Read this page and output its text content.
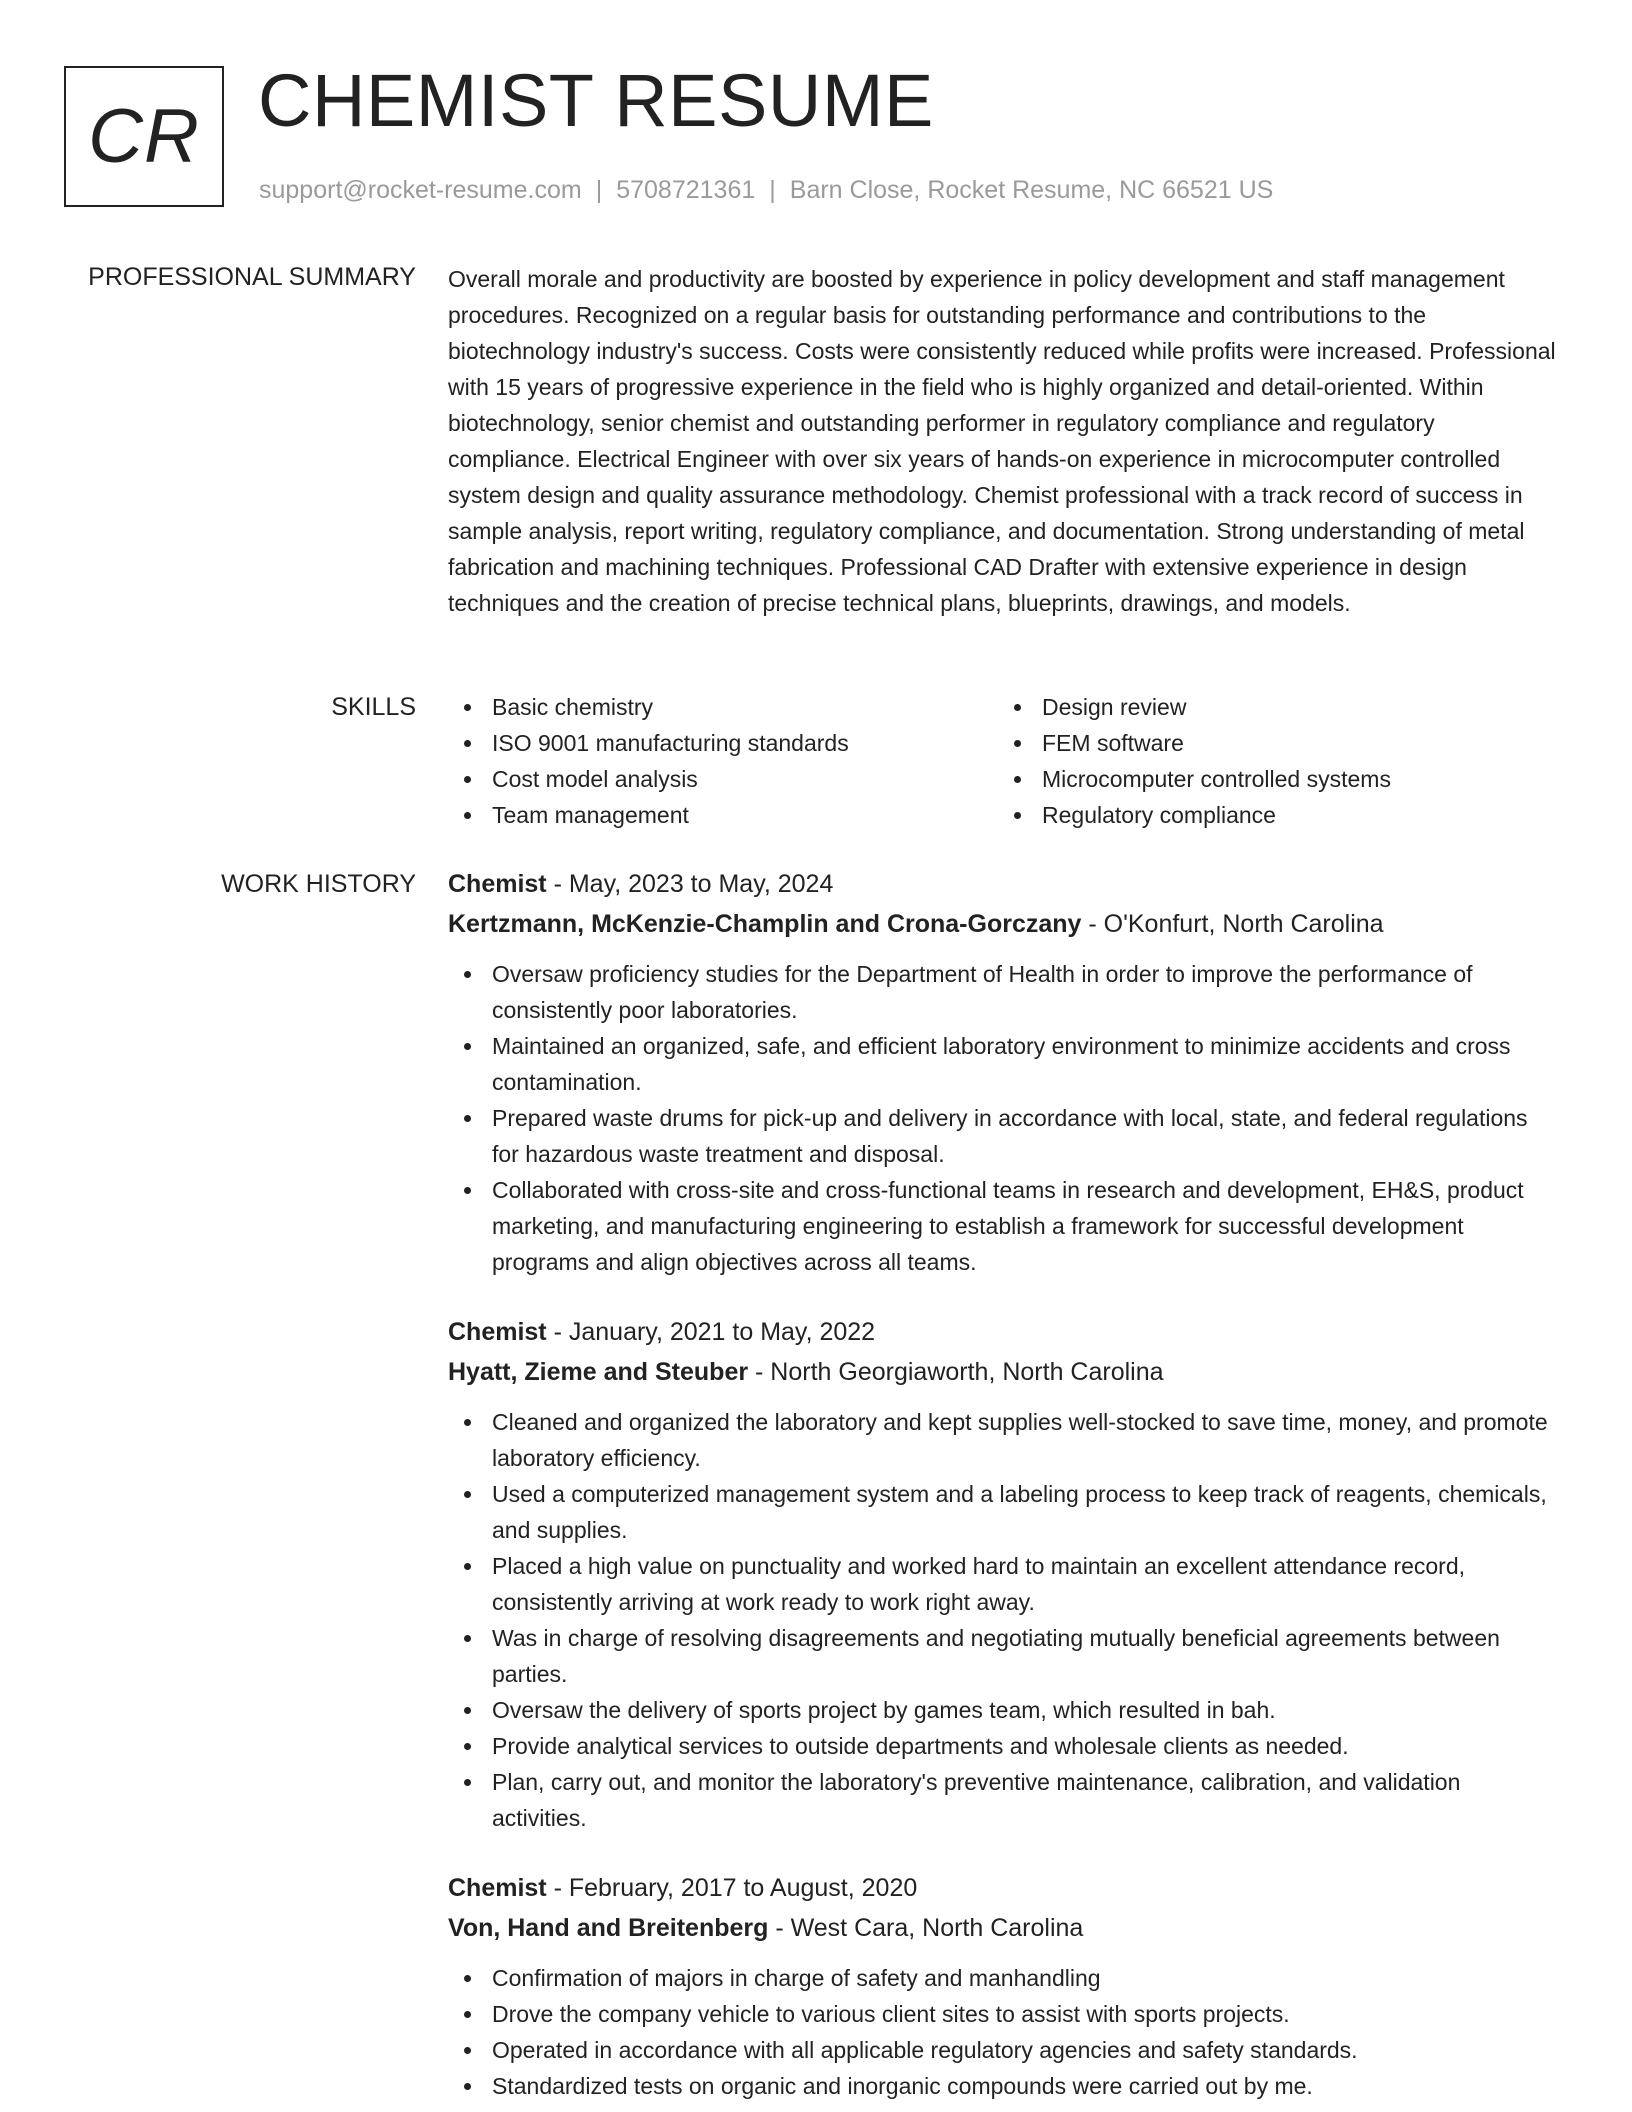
CR CHEMIST RESUME
support@rocket-resume.com | 5708721361 | Barn Close, Rocket Resume, NC 66521 US
PROFESSIONAL SUMMARY Overall morale and productivity are boosted by experience in policy development and staff management procedures. Recognized on a regular basis for outstanding performance and contributions to the biotechnology industry's success. Costs were consistently reduced while profits were increased. Professional with 15 years of progressive experience in the field who is highly organized and detail-oriented. Within biotechnology, senior chemist and outstanding performer in regulatory compliance and regulatory compliance. Electrical Engineer with over six years of hands-on experience in microcomputer controlled system design and quality assurance methodology. Chemist professional with a track record of success in sample analysis, report writing, regulatory compliance, and documentation. Strong understanding of metal fabrication and machining techniques. Professional CAD Drafter with extensive experience in design techniques and the creation of precise technical plans, blueprints, drawings, and models.

SKILLS	Basic chemistry
ISO 9001 manufacturing standards
Cost model analysis
Team management
Design review
FEM software
Microcomputer controlled systems
Regulatory compliance
WORK HISTORY Chemist - May, 2023 to May, 2024
Kertzmann, McKenzie-Champlin and Crona-Gorczany - O'Konfurt, North Carolina
Oversaw proficiency studies for the Department of Health in order to improve the performance of consistently poor laboratories.
Maintained an organized, safe, and efficient laboratory environment to minimize accidents and cross contamination.
Prepared waste drums for pick-up and delivery in accordance with local, state, and federal regulations for hazardous waste treatment and disposal.
Collaborated with cross-site and cross-functional teams in research and development, EH&S, product marketing, and manufacturing engineering to establish a framework for successful development programs and align objectives across all teams.
Chemist - January, 2021 to May, 2022
Hyatt, Zieme and Steuber - North Georgiaworth, North Carolina
Cleaned and organized the laboratory and kept supplies well-stocked to save time, money, and promote laboratory efficiency.
Used a computerized management system and a labeling process to keep track of reagents, chemicals, and supplies.
Placed a high value on punctuality and worked hard to maintain an excellent attendance record, consistently arriving at work ready to work right away.
Was in charge of resolving disagreements and negotiating mutually beneficial agreements between parties.
Oversaw the delivery of sports project by games team, which resulted in bah.
Provide analytical services to outside departments and wholesale clients as needed.
Plan, carry out, and monitor the laboratory's preventive maintenance, calibration, and validation activities.
Chemist - February, 2017 to August, 2020
Von, Hand and Breitenberg - West Cara, North Carolina
Confirmation of majors in charge of safety and manhandling
Drove the company vehicle to various client sites to assist with sports projects.
Operated in accordance with all applicable regulatory agencies and safety standards.
Standardized tests on organic and inorganic compounds were carried out by me.
